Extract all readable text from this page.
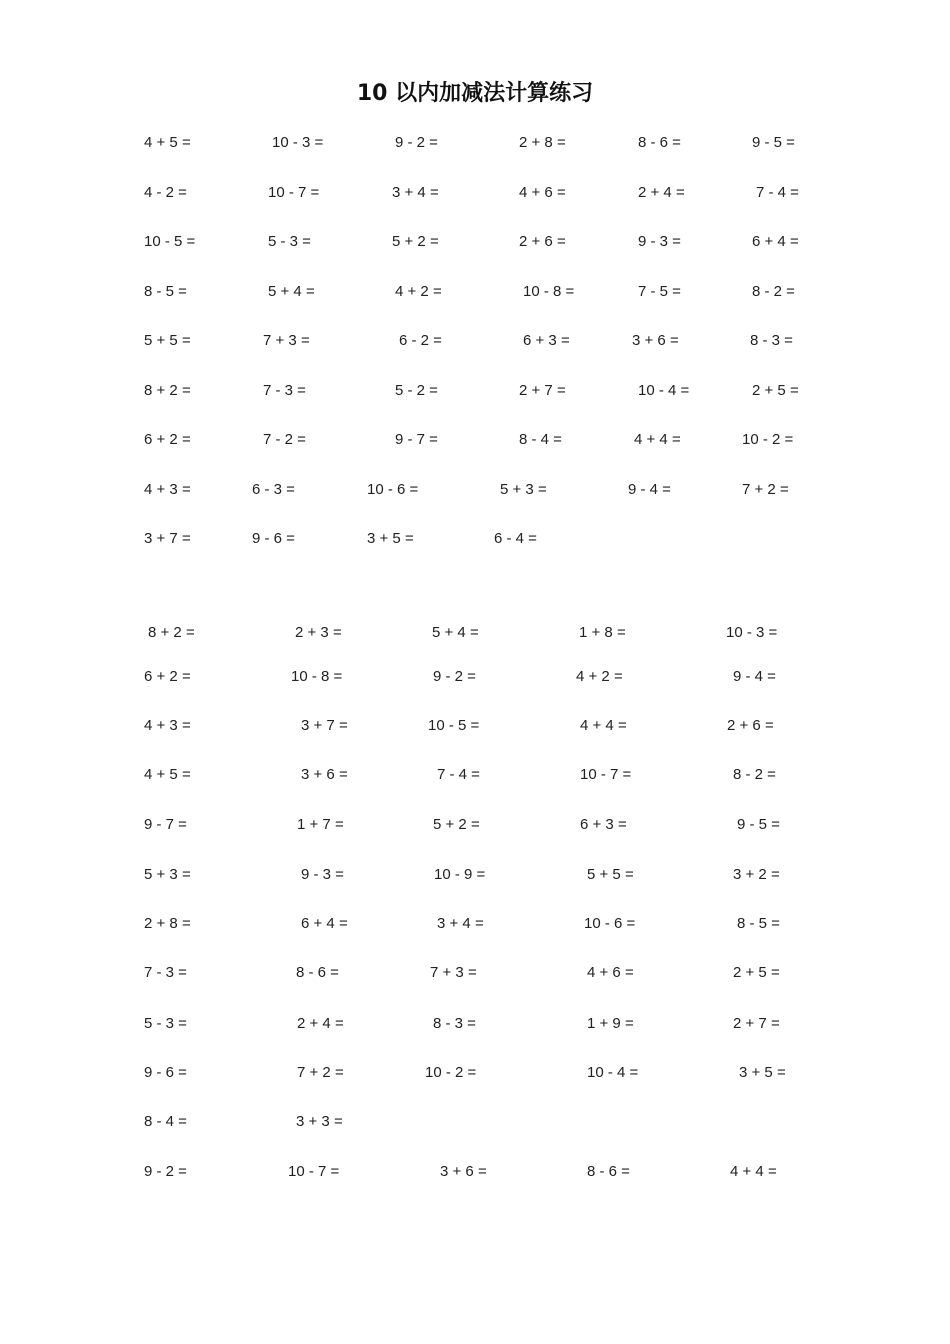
10 以内加减法计算练习
4 + 5 =	10 - 3 =	9 - 2 =	2 + 8 =	8 - 6 =	9 - 5 =
4 - 2 =	10 - 7 =	3 + 4 =	4 + 6 =	2 + 4 =	7 - 4 =
10 - 5 =	5 - 3 =	5 + 2 =	2 + 6 =	9 - 3 =	6 + 4 =
8 - 5 =	5 + 4 =	4 + 2 =	10 - 8 =	7 - 5 =	8 - 2 =
5 + 5 =	7 + 3 =	6 - 2 =	6 + 3 =	3 + 6 =	8 - 3 =
8 + 2 =	7 - 3 =	5 - 2 =	2 + 7 =	10 - 4 =	2 + 5 =
6 + 2 =	7 - 2 =	9 - 7 =	8 - 4 =	4 + 4 =	10 - 2 =
4 + 3 =	6 - 3 =	10 - 6 =	5 + 3 =	9 - 4 =	7 + 2 =
3 + 7 =	9 - 6 =	3 + 5 =	6 - 4 =
8 + 2 =	2 + 3 =	5 + 4 =	1 + 8 =	10 - 3 =
6 + 2 =	10 - 8 =	9 - 2 =	4 + 2 =	9 - 4 =
4 + 3 =	3 + 7 =	10 - 5 =	4 + 4 =	2 + 6 =
4 + 5 =	3 + 6 =	7 - 4 =	10 - 7 =	8 - 2 =
9 - 7 =	1 + 7 =	5 + 2 =	6 + 3 =	9 - 5 =
5 + 3 =	9 - 3 =	10 - 9 =	5 + 5 =	3 + 2 =
2 + 8 =	6 + 4 =	3 + 4 =	10 - 6 =	8 - 5 =
7 - 3 =	8 - 6 =	7 + 3 =	4 + 6 =	2 + 5 =
5 - 3 =	2 + 4 =	8 - 3 =	1 + 9 =	2 + 7 =
9 - 6 =	7 + 2 =	10 - 2 =	10 - 4 =	3 + 5 =
8 - 4 =	3 + 3 =
9 - 2 =	10 - 7 =	3 + 6 =	8 - 6 =	4 + 4 =
